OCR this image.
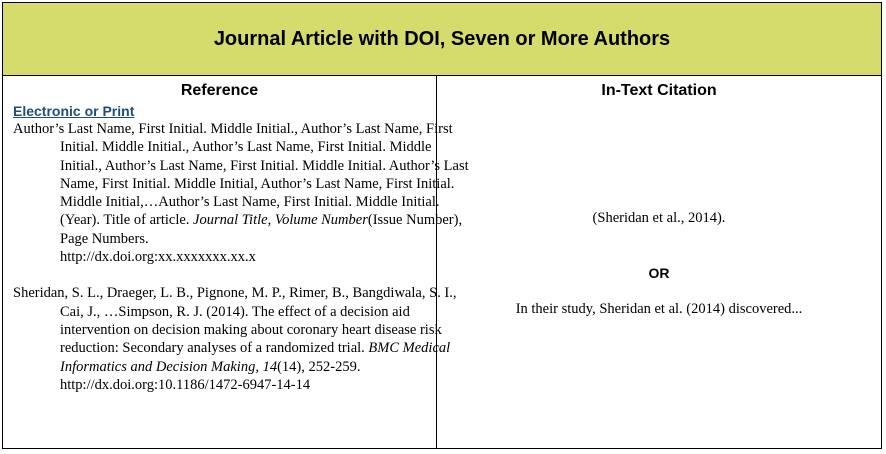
Journal Article with DOI, Seven or More Authors
Reference
Electronic or Print
Author’s Last Name, First Initial. Middle Initial., Author’s Last Name, First Initial. Middle Initial., Author’s Last Name, First Initial. Middle Initial., Author’s Last Name, First Initial. Middle Initial. Author’s Last Name, First Initial. Middle Initial, Author’s Last Name, First Initial. Middle Initial,…Author’s Last Name, First Initial. Middle Initial. (Year). Title of article. Journal Title, Volume Number(Issue Number), Page Numbers.
http://dx.doi.org:xx.xxxxxxx.xx.x
Sheridan, S. L., Draeger, L. B., Pignone, M. P., Rimer, B., Bangdiwala, S. I., Cai, J., …Simpson, R. J. (2014). The effect of a decision aid intervention on decision making about coronary heart disease risk reduction: Secondary analyses of a randomized trial. BMC Medical Informatics and Decision Making, 14(14), 252-259.
http://dx.doi.org:10.1186/1472-6947-14-14
In-Text Citation
(Sheridan et al., 2014).
OR
In their study, Sheridan et al. (2014) discovered...
